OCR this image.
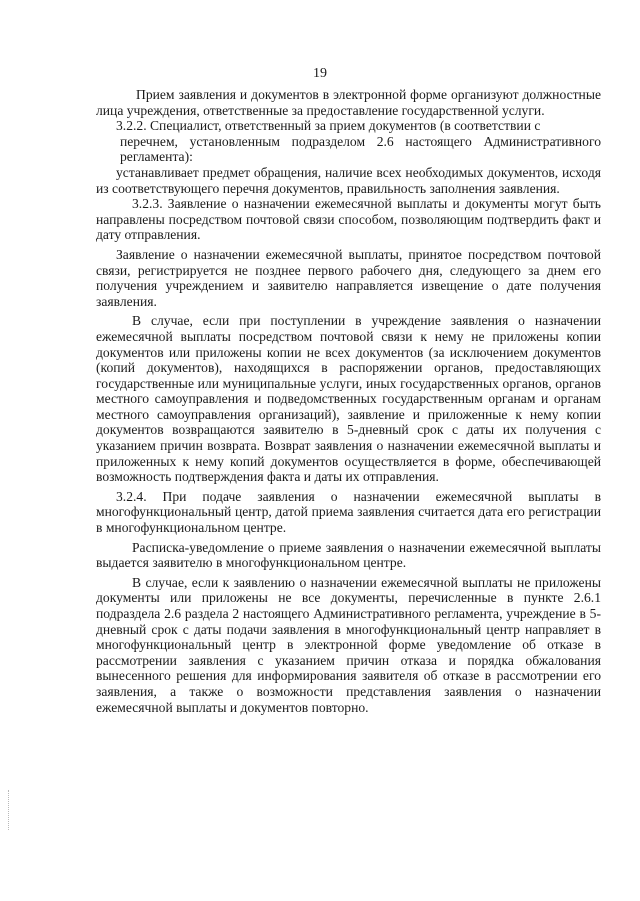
19

Прием заявления и документов в электронной форме организуют должностные лица учреждения, ответственные за предоставление государственной услуги.

3.2.2. Специалист, ответственный за прием документов (в соответствии с

перечнем, установленным подразделом 2.6 настоящего Административного регламента):

устанавливает предмет обращения, наличие всех необходимых документов, исходя из соответствующего перечня документов, правильность заполнения заявления.

3.2.3. Заявление о назначении ежемесячной выплаты и документы могут быть направлены посредством почтовой связи способом, позволяющим подтвердить факт и дату отправления.

Заявление о назначении ежемесячной выплаты, принятое посредством почтовой связи, регистрируется не позднее первого рабочего дня, следующего за днем его получения учреждением и заявителю направляется извещение о дате получения заявления.

В случае, если при поступлении в учреждение заявления о назначении ежемесячной выплаты посредством почтовой связи к нему не приложены копии документов или приложены копии не всех документов (за исключением документов (копий документов), находящихся в распоряжении органов, предоставляющих государственные или муниципальные услуги, иных государственных органов, органов местного самоуправления и подведомственных государственным органам и органам местного самоуправления организаций), заявление и приложенные к нему копии документов возвращаются заявителю в 5-дневный срок с даты их получения с указанием причин возврата. Возврат заявления о назначении ежемесячной выплаты и приложенных к нему копий документов осуществляется в форме, обеспечивающей возможность подтверждения факта и даты их отправления.

3.2.4. При подаче заявления о назначении ежемесячной выплаты в многофункциональный центр, датой приема заявления считается дата его регистрации в многофункциональном центре.

Расписка-уведомление о приеме заявления о назначении ежемесячной выплаты выдается заявителю в многофункциональном центре.

В случае, если к заявлению о назначении ежемесячной выплаты не приложены документы или приложены не все документы, перечисленные в пункте 2.6.1 подраздела 2.6 раздела 2 настоящего Административного регламента, учреждение в 5-дневный срок с даты подачи заявления в многофункциональный центр направляет в многофункциональный центр в электронной форме уведомление об отказе в рассмотрении заявления с указанием причин отказа и порядка обжалования вынесенного решения для информирования заявителя об отказе в рассмотрении его заявления, а также о возможности представления заявления о назначении ежемесячной выплаты и документов повторно.
